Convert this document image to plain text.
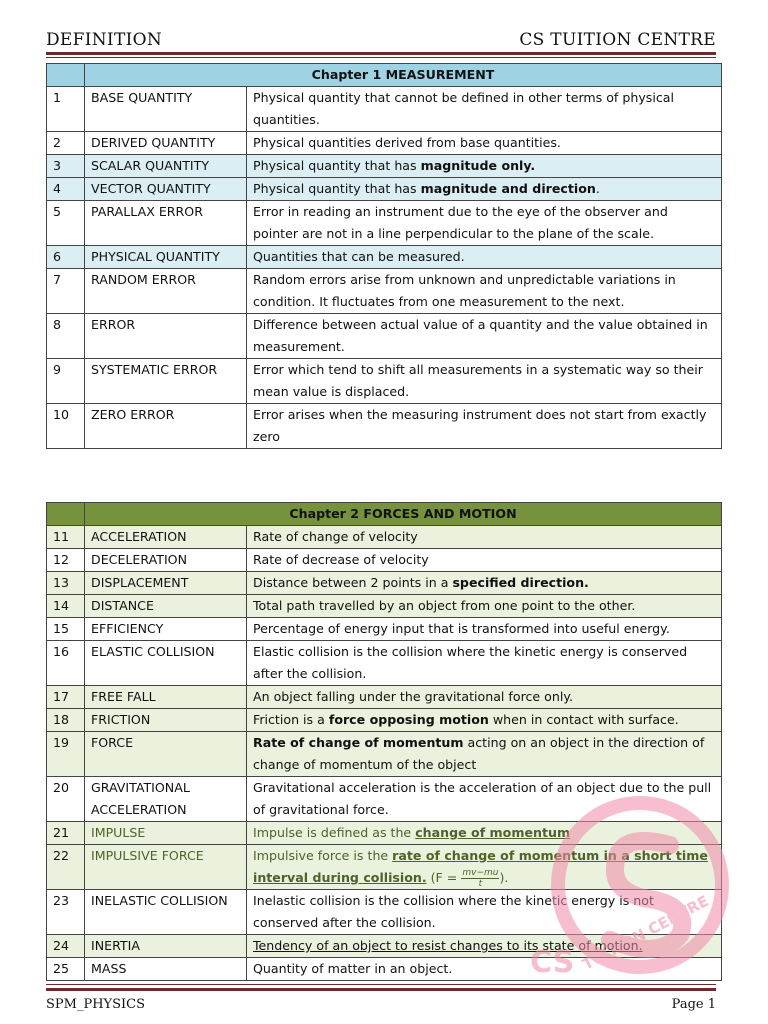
DEFINITION	CS TUITION CENTRE
	Chapter 1 MEASUREMENT	
1	BASE QUANTITY	Physical quantity that cannot be defined in other terms of physical quantities.
2	DERIVED QUANTITY	Physical quantities derived from base quantities.
3	SCALAR QUANTITY	Physical quantity that has magnitude only.
4	VECTOR QUANTITY	Physical quantity that has magnitude and direction.
5	PARALLAX ERROR	Error in reading an instrument due to the eye of the observer and pointer are not in a line perpendicular to the plane of the scale.
6	PHYSICAL QUANTITY	Quantities that can be measured.
7	RANDOM ERROR	Random errors arise from unknown and unpredictable variations in condition. It fluctuates from one measurement to the next.
8	ERROR	Difference between actual value of a quantity and the value obtained in measurement.
9	SYSTEMATIC ERROR	Error which tend to shift all measurements in a systematic way so their mean value is displaced.
10	ZERO ERROR	Error arises when the measuring instrument does not start from exactly zero
	Chapter 2 FORCES AND MOTION	
11	ACCELERATION	Rate of change of velocity
12	DECELERATION	Rate of decrease of velocity
13	DISPLACEMENT	Distance between 2 points in a specified direction.
14	DISTANCE	Total path travelled by an object from one point to the other.
15	EFFICIENCY	Percentage of energy input that is transformed into useful energy.
16	ELASTIC COLLISION	Elastic collision is the collision where the kinetic energy is conserved after the collision.
17	FREE FALL	An object falling under the gravitational force only.
18	FRICTION	Friction is a force opposing motion when in contact with surface.
19	FORCE	Rate of change of momentum acting on an object in the direction of change of momentum of the object
20	GRAVITATIONAL ACCELERATION	Gravitational acceleration is the acceleration of an object due to the pull of gravitational force.
21	IMPULSE	Impulse is defined as the change of momentum
22	IMPULSIVE FORCE	Impulsive force is the rate of change of momentum in a short time interval during collision. ($F = \frac{mv-mu}{t}$ ).
23	INELASTIC COLLISION	Inelastic collision is the collision where the kinetic energy is not conserved after the collision.
24	INERTIA	Tendency of an object to resist changes to its state of motion.
25	MASS	Quantity of matter in an object.	CS TUITION CENTRE
SPM_PHYSICS	Page 1
